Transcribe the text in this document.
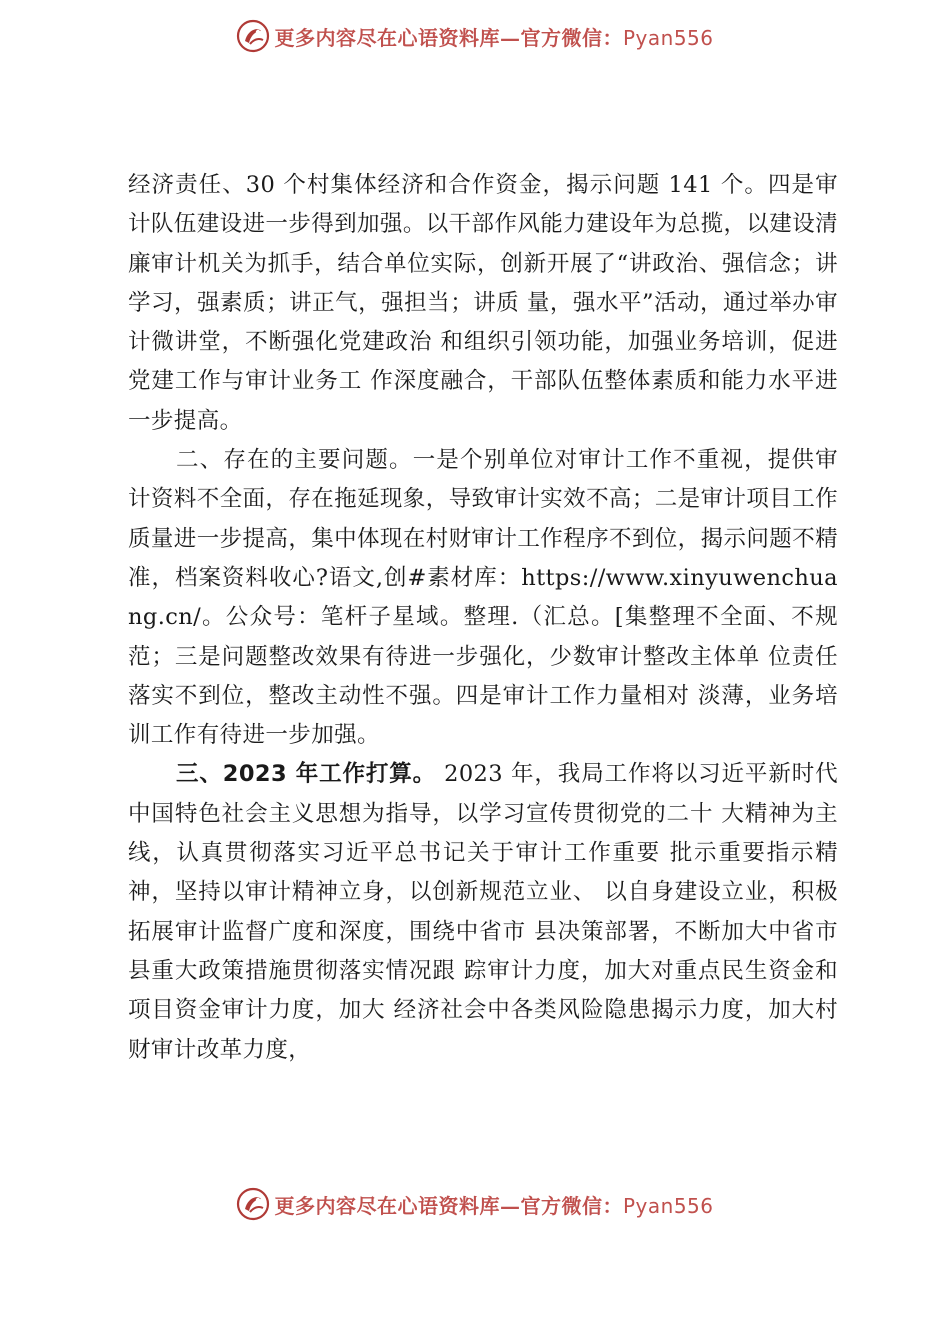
更多内容尽在心语资料库—官方微信：Pyan556

经济责任、30 个村集体经济和合作资金，揭示问题 141 个。四是审计队伍建设进一步得到加强。以干部作风能力建设年为总揽，以建设清廉审计机关为抓手，结合单位实际，创新开展了“讲政治、强信念；讲学习，强素质；讲正气，强担当；讲质 量，强水平”活动，通过举办审计微讲堂，不断强化党建政治 和组织引领功能，加强业务培训，促进党建工作与审计业务工 作深度融合，干部队伍整体素质和能力水平进一步提高。

二、存在的主要问题。一是个别单位对审计工作不重视，提供审计资料不全面，存在拖延现象，导致审计实效不高；二是审计项目工作质量进一步提高，集中体现在村财审计工作程序不到位，揭示问题不精准，档案资料收心?语文,创#素材库：https://www.xinyuwenchuang.cn/。公众号：笔杆子星域。整理.（汇总。[集整理不全面、不规 范；三是问题整改效果有待进一步强化，少数审计整改主体单 位责任落实不到位，整改主动性不强。四是审计工作力量相对 淡薄，业务培训工作有待进一步加强。

三、2023 年工作打算。 2023 年，我局工作将以习近平新时代中国特色社会主义思想为指导，以学习宣传贯彻党的二十 大精神为主线，认真贯彻落实习近平总书记关于审计工作重要 批示重要指示精神，坚持以审计精神立身，以创新规范立业、 以自身建设立业，积极拓展审计监督广度和深度，围绕中省市 县决策部署，不断加大中省市县重大政策措施贯彻落实情况跟 踪审计力度，加大对重点民生资金和项目资金审计力度，加大 经济社会中各类风险隐患揭示力度，加大村财审计改革力度，

更多内容尽在心语资料库—官方微信：Pyan556
